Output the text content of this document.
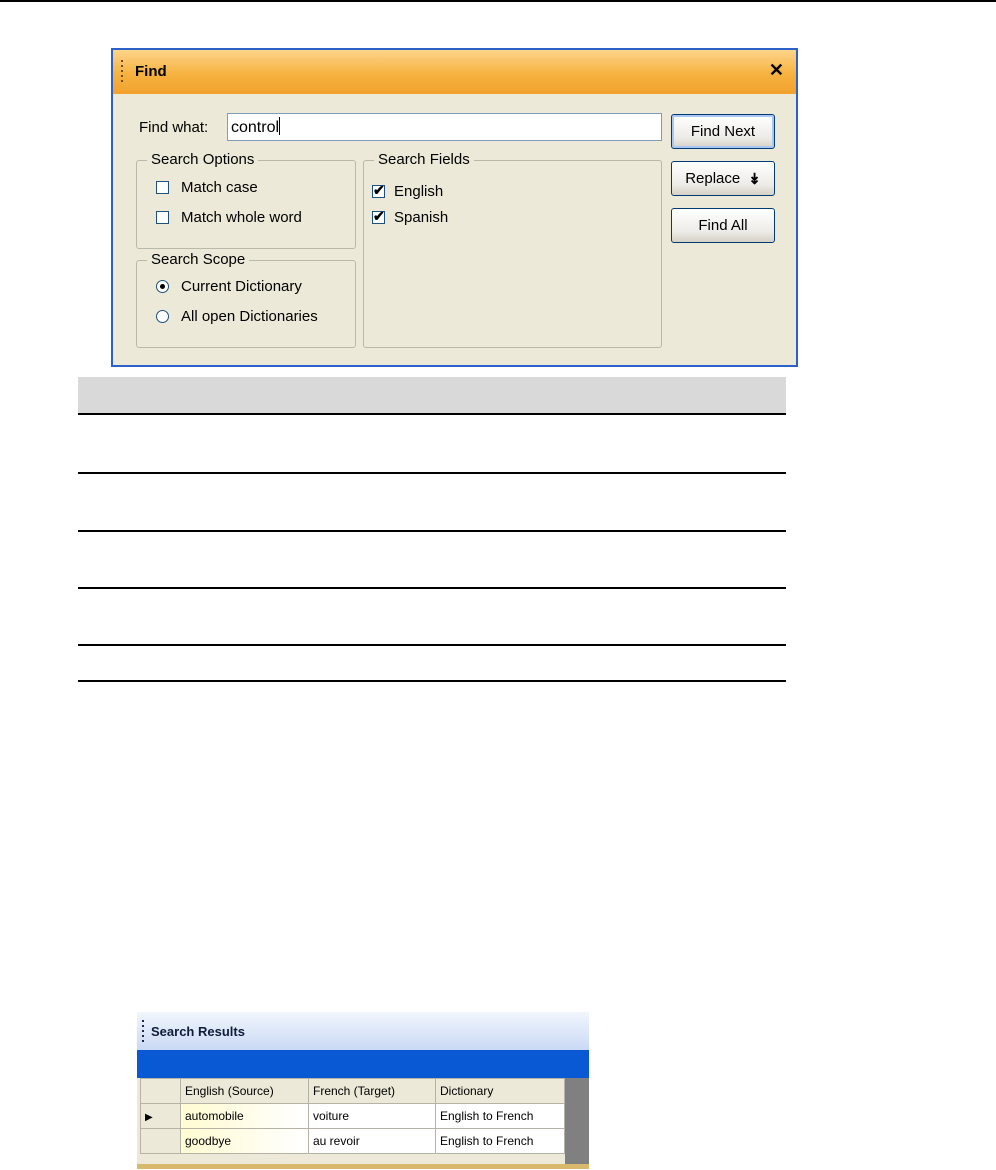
Find	✕
Find what: control	Find Next
Replace ↡
Find All
Search Options
Match case
Match whole word
Search Scope
Current Dictionary
All open Dictionaries
Search Fields
✔ English
✔ Spanish
Search Results
	English (Source)	French (Target)	Dictionary
▶	automobile	voiture	English to French
	goodbye	au revoir	English to French
